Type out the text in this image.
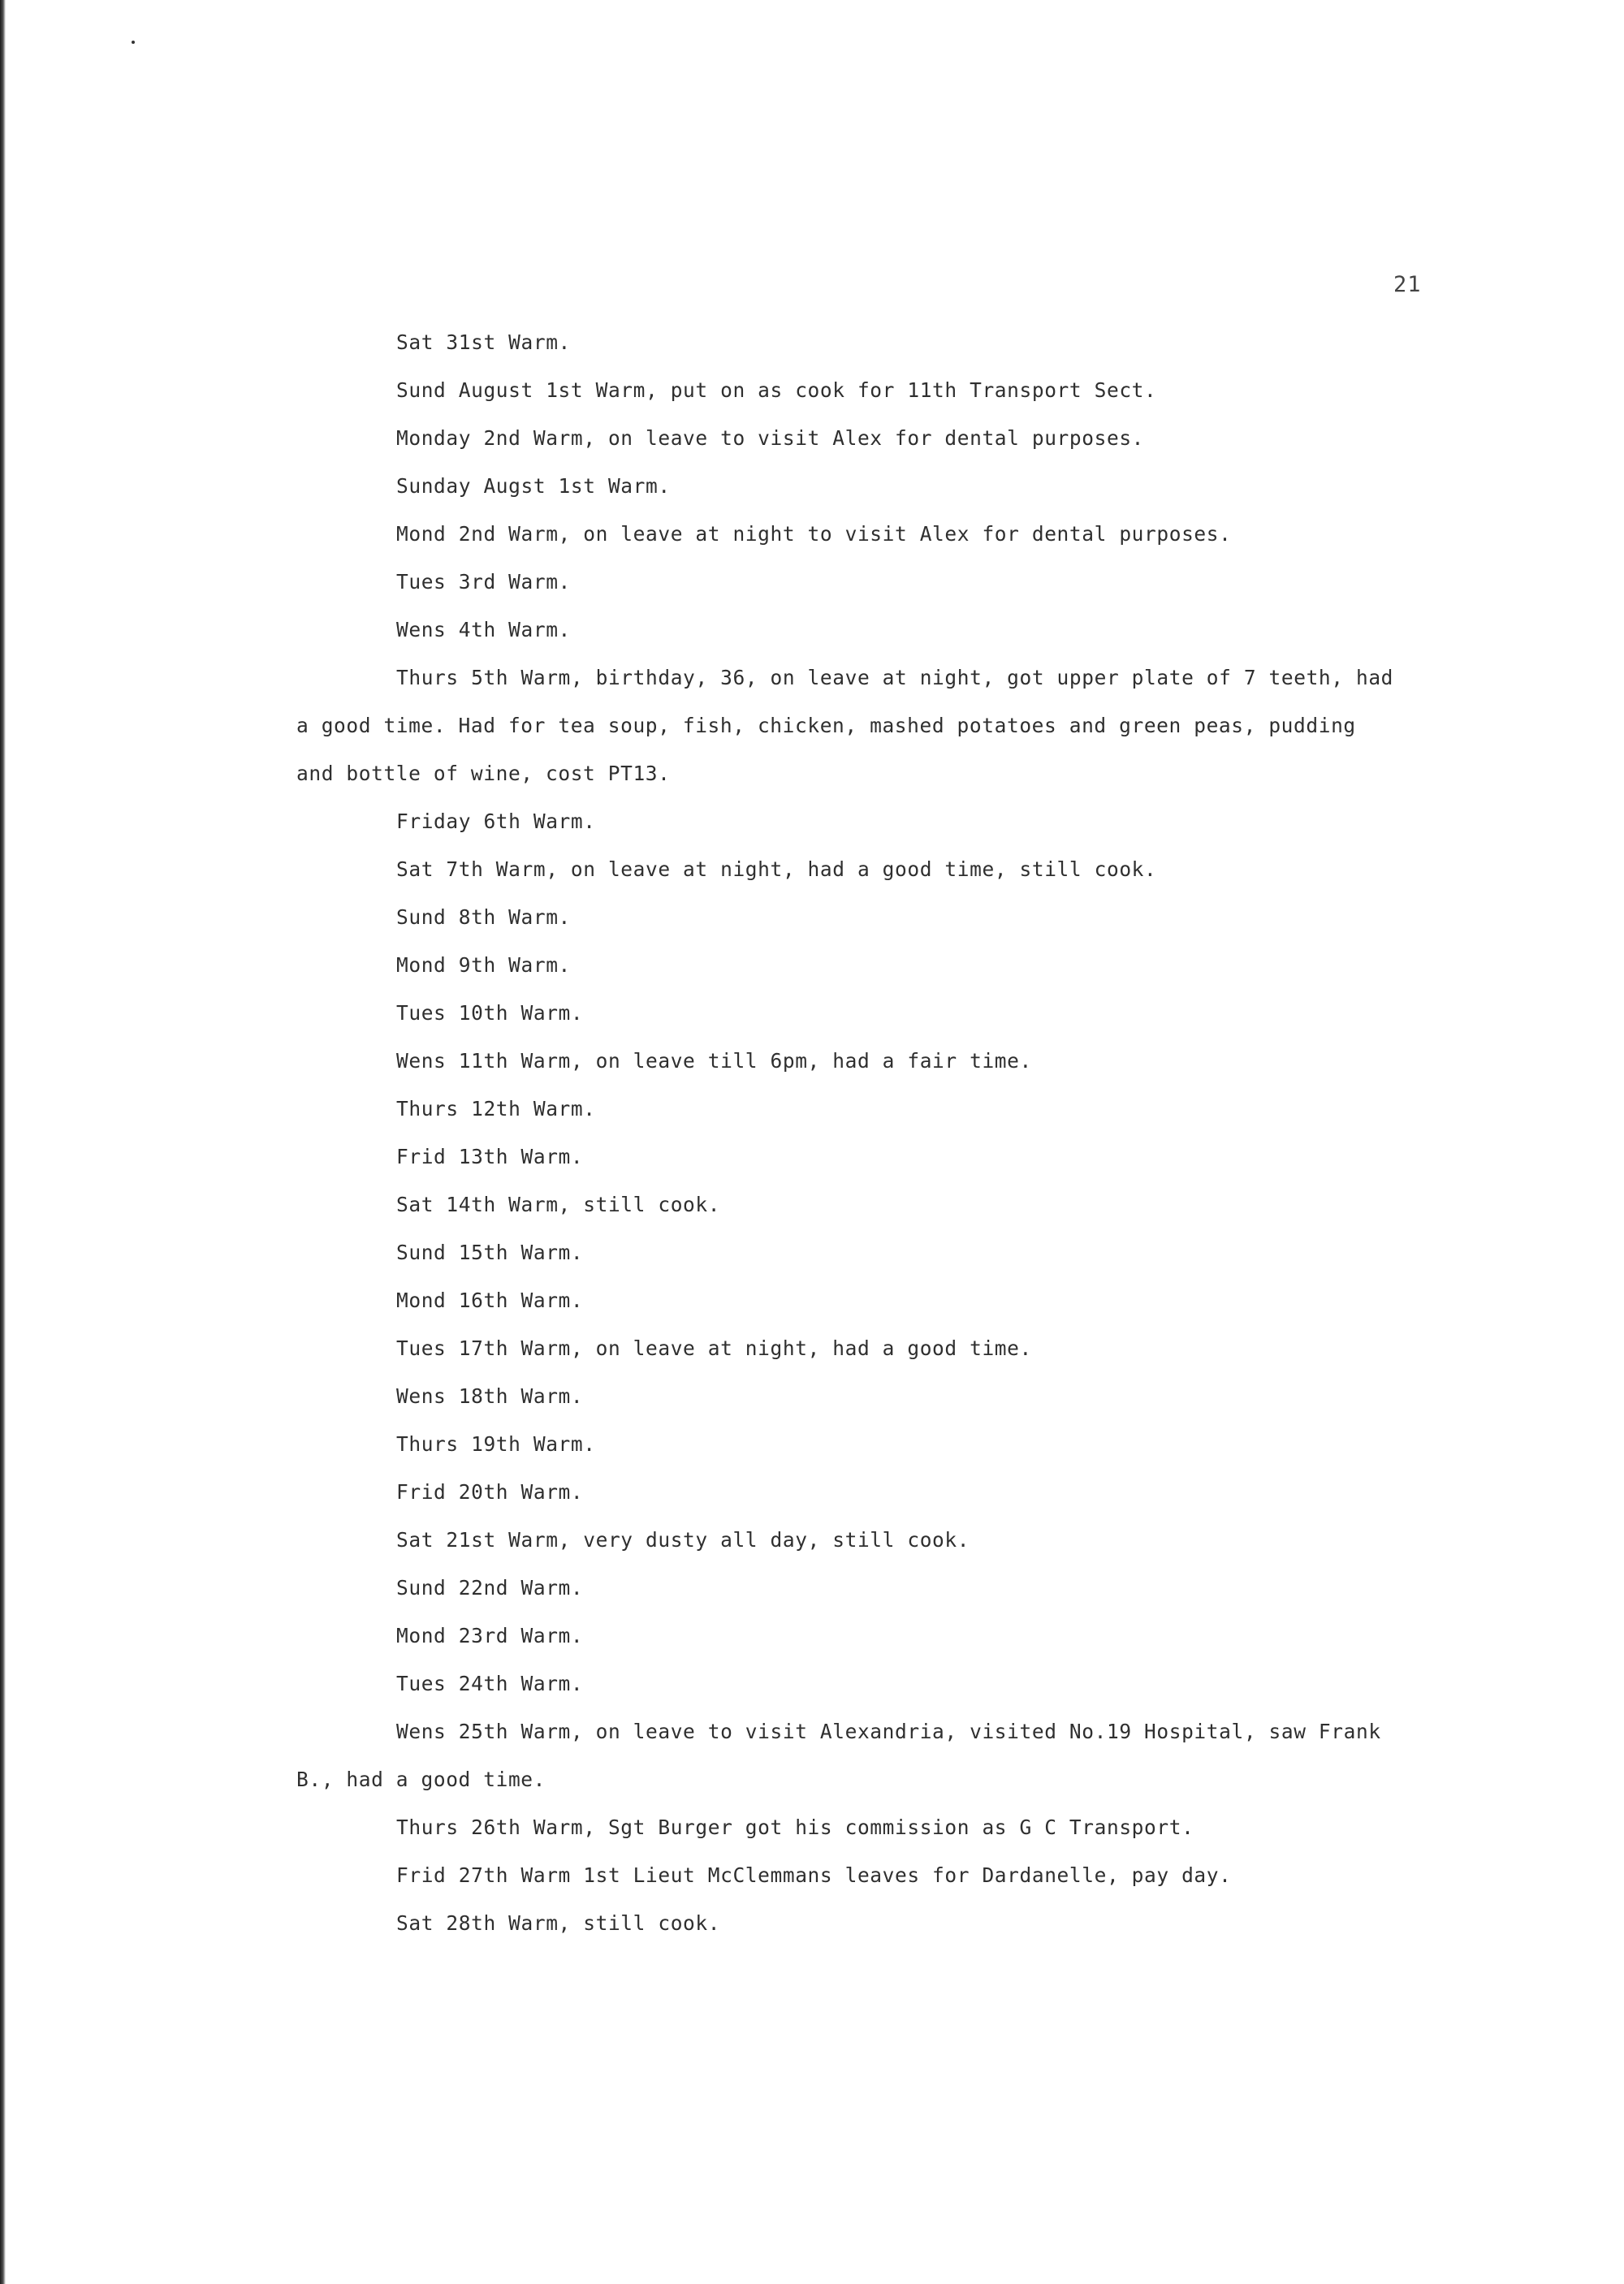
21
Sat 31st Warm.
Sund August 1st Warm, put on as cook for 11th Transport Sect.
Monday 2nd Warm, on leave to visit Alex for dental purposes.
Sunday Augst 1st Warm.
Mond 2nd Warm, on leave at night to visit Alex for dental purposes.
Tues 3rd Warm.
Wens 4th Warm.
Thurs 5th Warm, birthday, 36, on leave at night, got upper plate of 7 teeth, had
a good time. Had for tea soup, fish, chicken, mashed potatoes and green peas, pudding
and bottle of wine, cost PT13.
Friday 6th Warm.
Sat 7th Warm, on leave at night, had a good time, still cook.
Sund 8th Warm.
Mond 9th Warm.
Tues 10th Warm.
Wens 11th Warm, on leave till 6pm, had a fair time.
Thurs 12th Warm.
Frid 13th Warm.
Sat 14th Warm, still cook.
Sund 15th Warm.
Mond 16th Warm.
Tues 17th Warm, on leave at night, had a good time.
Wens 18th Warm.
Thurs 19th Warm.
Frid 20th Warm.
Sat 21st Warm, very dusty all day, still cook.
Sund 22nd Warm.
Mond 23rd Warm.
Tues 24th Warm.
Wens 25th Warm, on leave to visit Alexandria, visited No.19 Hospital, saw Frank
B., had a good time.
Thurs 26th Warm, Sgt Burger got his commission as G C Transport.
Frid 27th Warm 1st Lieut McClemmans leaves for Dardanelle, pay day.
Sat 28th Warm, still cook.
